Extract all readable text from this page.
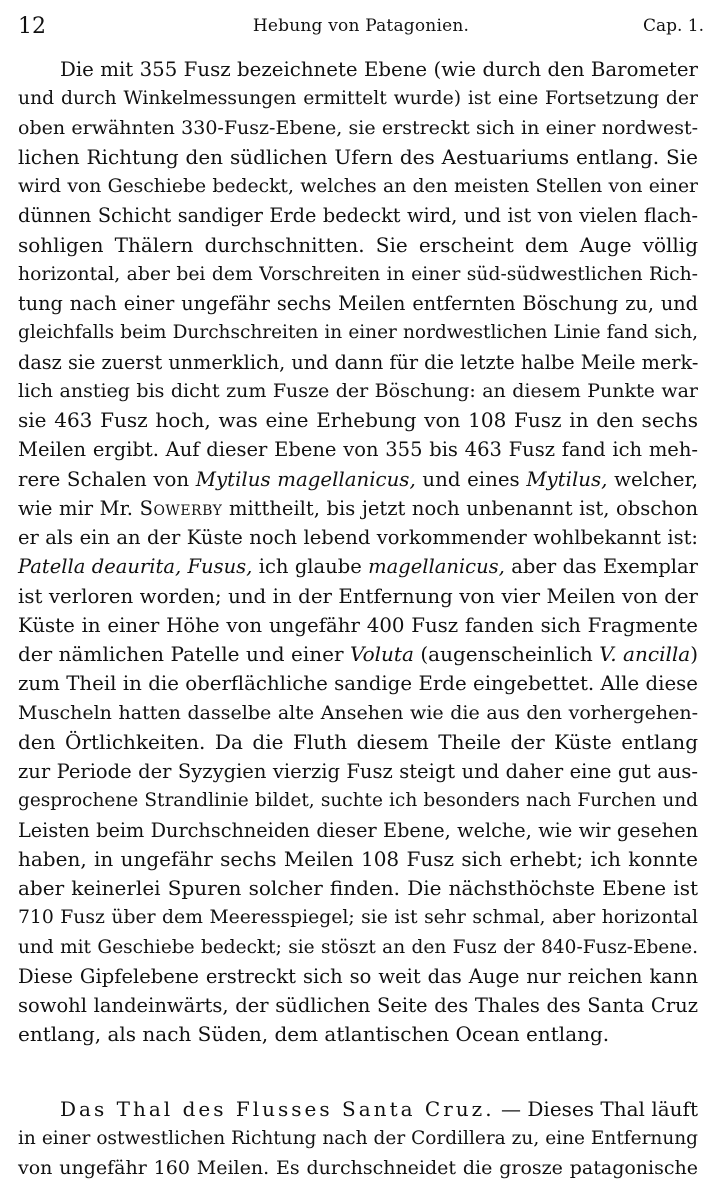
12	Hebung von Patagonien.	Cap. 1.
Die mit 355 Fusz bezeichnete Ebene (wie durch den Barometer
und durch Winkelmessungen ermittelt wurde) ist eine Fortsetzung der
oben erwähnten 330-Fusz-Ebene, sie erstreckt sich in einer nordwest-
lichen Richtung den südlichen Ufern des Aestuariums entlang. Sie
wird von Geschiebe bedeckt, welches an den meisten Stellen von einer
dünnen Schicht sandiger Erde bedeckt wird, und ist von vielen flach-
sohligen Thälern durchschnitten. Sie erscheint dem Auge völlig
horizontal, aber bei dem Vorschreiten in einer süd-südwestlichen Rich-
tung nach einer ungefähr sechs Meilen entfernten Böschung zu, und
gleichfalls beim Durchschreiten in einer nordwestlichen Linie fand sich,
dasz sie zuerst unmerklich, und dann für die letzte halbe Meile merk-
lich anstieg bis dicht zum Fusze der Böschung: an diesem Punkte war
sie 463 Fusz hoch, was eine Erhebung von 108 Fusz in den sechs
Meilen ergibt. Auf dieser Ebene von 355 bis 463 Fusz fand ich meh-
rere Schalen von Mytilus magellanicus, und eines Mytilus, welcher,
wie mir Mr. Sowerby mittheilt, bis jetzt noch unbenannt ist, obschon
er als ein an der Küste noch lebend vorkommender wohlbekannt ist:
Patella deaurita, Fusus, ich glaube magellanicus, aber das Exemplar
ist verloren worden; und in der Entfernung von vier Meilen von der
Küste in einer Höhe von ungefähr 400 Fusz fanden sich Fragmente
der nämlichen Patelle und einer Voluta (augenscheinlich V. ancilla)
zum Theil in die oberflächliche sandige Erde eingebettet. Alle diese
Muscheln hatten dasselbe alte Ansehen wie die aus den vorhergehen-
den Örtlichkeiten. Da die Fluth diesem Theile der Küste entlang
zur Periode der Syzygien vierzig Fusz steigt und daher eine gut aus-
gesprochene Strandlinie bildet, suchte ich besonders nach Furchen und
Leisten beim Durchschneiden dieser Ebene, welche, wie wir gesehen
haben, in ungefähr sechs Meilen 108 Fusz sich erhebt; ich konnte
aber keinerlei Spuren solcher finden. Die nächsthöchste Ebene ist
710 Fusz über dem Meeresspiegel; sie ist sehr schmal, aber horizontal
und mit Geschiebe bedeckt; sie stöszt an den Fusz der 840-Fusz-Ebene.
Diese Gipfelebene erstreckt sich so weit das Auge nur reichen kann
sowohl landeinwärts, der südlichen Seite des Thales des Santa Cruz
entlang, als nach Süden, dem atlantischen Ocean entlang.
Das Thal des Flusses Santa Cruz. — Dieses Thal läuft
in einer ostwestlichen Richtung nach der Cordillera zu, eine Entfernung
von ungefähr 160 Meilen. Es durchschneidet die grosze patagonische
